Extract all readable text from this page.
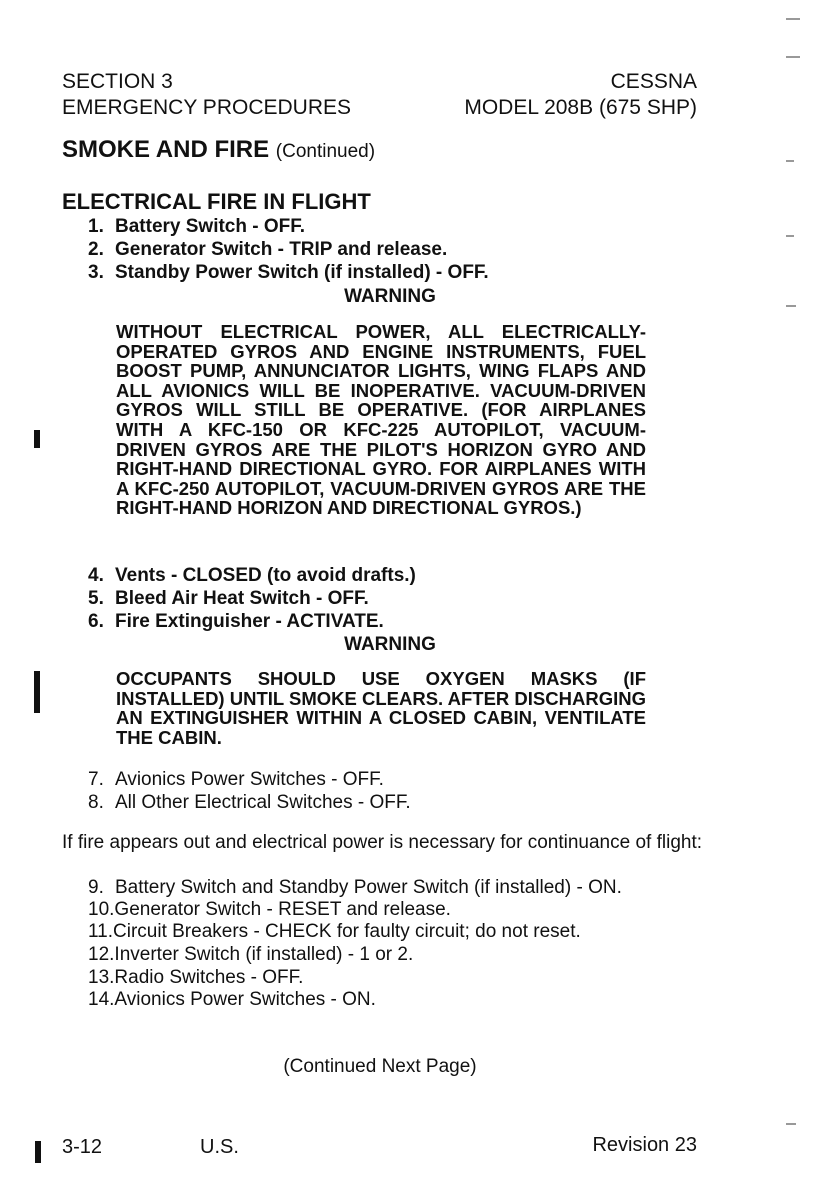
SECTION 3
EMERGENCY PROCEDURES
CESSNA
MODEL 208B (675 SHP)
SMOKE AND FIRE (Continued)
ELECTRICAL FIRE IN FLIGHT
1. Battery Switch - OFF.
2. Generator Switch - TRIP and release.
3. Standby Power Switch (if installed) - OFF.
WARNING
WITHOUT ELECTRICAL POWER, ALL ELECTRICALLY-OPERATED GYROS AND ENGINE INSTRUMENTS, FUEL BOOST PUMP, ANNUNCIATOR LIGHTS, WING FLAPS AND ALL AVIONICS WILL BE INOPERATIVE. VACUUM-DRIVEN GYROS WILL STILL BE OPERATIVE. (FOR AIRPLANES WITH A KFC-150 OR KFC-225 AUTOPILOT, VACUUM-DRIVEN GYROS ARE THE PILOT'S HORIZON GYRO AND RIGHT-HAND DIRECTIONAL GYRO. FOR AIRPLANES WITH A KFC-250 AUTOPILOT, VACUUM-DRIVEN GYROS ARE THE RIGHT-HAND HORIZON AND DIRECTIONAL GYROS.)
4. Vents - CLOSED (to avoid drafts.)
5. Bleed Air Heat Switch - OFF.
6. Fire Extinguisher - ACTIVATE.
WARNING
OCCUPANTS SHOULD USE OXYGEN MASKS (IF INSTALLED) UNTIL SMOKE CLEARS. AFTER DISCHARGING AN EXTINGUISHER WITHIN A CLOSED CABIN, VENTILATE THE CABIN.
7. Avionics Power Switches - OFF.
8. All Other Electrical Switches - OFF.
If fire appears out and electrical power is necessary for continuance of flight:
9. Battery Switch and Standby Power Switch (if installed) - ON.
10.Generator Switch - RESET and release.
11.Circuit Breakers - CHECK for faulty circuit; do not reset.
12.Inverter Switch (if installed) - 1 or 2.
13.Radio Switches - OFF.
14.Avionics Power Switches - ON.
(Continued Next Page)
3-12	U.S.	Revision 23
